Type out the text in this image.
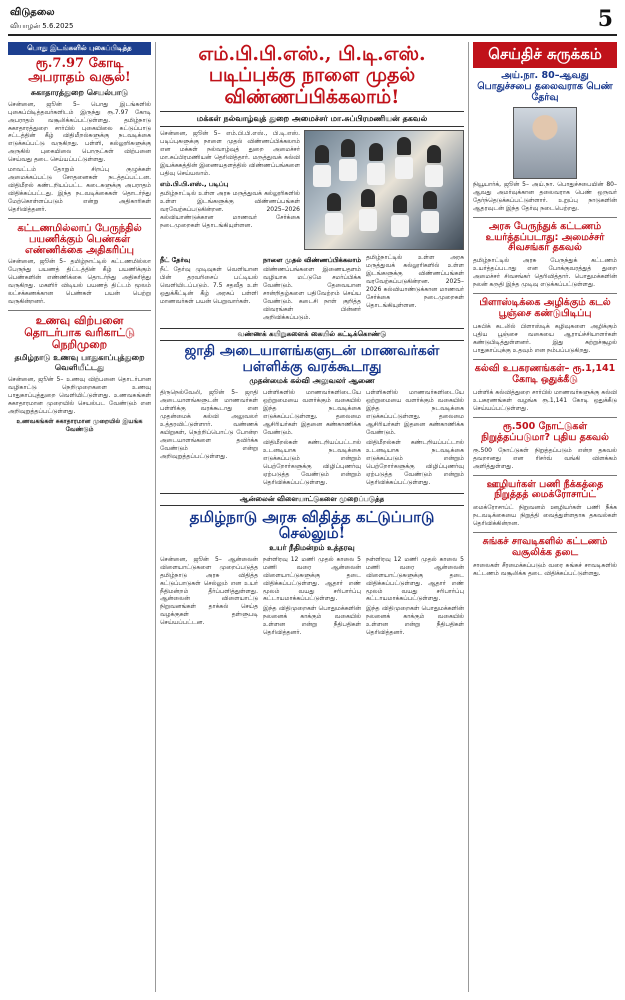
விடுதலை
வியாழன் 5.6.2025	5
பொது இடங்களில் புகைப்பிடித்த
ரூ.7.97 கோடி அபராதம் வசூல்!
சுகாதாரத்துறை செயல்பாடு

சென்னை, ஜூன் 5– பொது இடங்களில் புகைப்பிடித்தவர்களிடம் இருந்து ரூ.7.97 கோடி அபராதம் வசூலிக்கப்பட்டுள்ளது. தமிழ்நாடு சுகாதாரத்துறை சார்பில் புகையிலை கட்டுப்பாடு சட்டத்தின் கீழ் விதிமீறல்களுக்கு நடவடிக்கை எடுக்கப்பட்டு வருகிறது. பள்ளி, கல்லூரிகளுக்கு அருகில் புகையிலை பொருட்கள் விற்பனை செய்வது தடை செய்யப்பட்டுள்ளது.

மாவட்டம் தோறும் சிறப்பு குழுக்கள் அமைக்கப்பட்டு சோதனைகள் நடத்தப்பட்டன. விதிமீறல் கண்டறியப்பட்ட கடைகளுக்கு அபராதம் விதிக்கப்பட்டது. இந்த நடவடிக்கைகள் தொடர்ந்து மேற்கொள்ளப்படும் என்று அதிகாரிகள் தெரிவித்தனர்.

கட்டணமில்லாப் பேருந்தில் பயணிக்கும் பெண்கள் எண்ணிக்கை அதிகரிப்பு

சென்னை, ஜூன் 5– தமிழ்நாட்டில் கட்டணமில்லா பேருந்து பயணத் திட்டத்தின் கீழ் பயணிக்கும் பெண்களின் எண்ணிக்கை தொடர்ந்து அதிகரித்து வருகிறது. மகளிர் விடியல் பயணத் திட்டம் மூலம் லட்சக்கணக்கான பெண்கள் பயன் பெற்று வருகின்றனர்.

உணவு விற்பனை தொடர்பாக வரிகாட்டு நெறிமுறை
தமிழ்நாடு உணவு பாதுகாப்புத்துறை வெளியீட்டது

சென்னை, ஜூன் 5– உணவு விற்பனை தொடர்பான வழிகாட்டு நெறிமுறைகளை உணவு பாதுகாப்புத்துறை வெளியிட்டுள்ளது. உணவகங்கள் சுகாதாரமான முறையில் செயல்பட வேண்டும் என அறிவுறுத்தப்பட்டுள்ளது.

உணவகங்கள் சுகாதாரமான முறையில் இயங்க வேண்டும்

எம்.பி.பி.எஸ்., பி.டி.எஸ். படிப்புக்கு நாளை முதல் விண்ணப்பிக்கலாம்!
மக்கள் நல்வாழ்வுத் துறை அமைச்சர் மா.சுப்பிரமணியன் தகவல்

சென்னை, ஜூன் 5– எம்.பி.பி.எஸ்., பி.டி.எஸ். படிப்புகளுக்கு நாளை முதல் விண்ணப்பிக்கலாம் என மக்கள் நல்வாழ்வுத் துறை அமைச்சர் மா.சுப்பிரமணியன் தெரிவித்தார். மருத்துவக் கல்வி இயக்ககத்தின் இணையதளத்தில் விண்ணப்பங்களை பதிவு செய்யலாம்.

எம்.பி.பி.எஸ்., படிப்பு

தமிழ்நாட்டில் உள்ள அரசு மருத்துவக் கல்லூரிகளில் உள்ள இடங்களுக்கு விண்ணப்பங்கள் வரவேற்கப்படுகின்றன. 2025–2026 கல்வியாண்டுக்கான மாணவர் சேர்க்கை நடைமுறைகள் தொடங்கியுள்ளன.

நீட் தேர்வு

நீட் தேர்வு முடிவுகள் வெளியான பின் தரவரிசைப் பட்டியல் வெளியிடப்படும். 7.5 சதவீத உள் ஒதுக்கீட்டின் கீழ் அரசுப் பள்ளி மாணவர்கள் பயன் பெறுவார்கள்.

நாளை முதல் விண்ணப்பிக்கலாம்

விண்ணப்பங்களை இணையதளம் வழியாக மட்டுமே சமர்ப்பிக்க வேண்டும். தேவையான சான்றிதழ்களை பதிவேற்றம் செய்ய வேண்டும். கடைசி நாள் குறித்த விவரங்கள் பின்னர் அறிவிக்கப்படும்.

தமிழ்நாட்டில் உள்ள அரசு மருத்துவக் கல்லூரிகளில் உள்ள இடங்களுக்கு விண்ணப்பங்கள் வரவேற்கப்படுகின்றன. 2025–2026 கல்வியாண்டுக்கான மாணவர் சேர்க்கை நடைமுறைகள் தொடங்கியுள்ளன.

வண்ணக் கயிறுகளைக் கையில் கட்டிக்கொண்டு
ஜாதி அடையாளங்களுடன் மாணவர்கள் பள்ளிக்கு வரக்கூடாது
முதன்மைக் கல்வி அலுவலர் ஆணை

திருநெல்வேலி, ஜூன் 5– ஜாதி அடையாளங்களுடன் மாணவர்கள் பள்ளிக்கு வரக்கூடாது என முதன்மைக் கல்வி அலுவலர் உத்தரவிட்டுள்ளார். வண்ணக் கயிறுகள், நெற்றிப்பொட்டு போன்ற அடையாளங்களை தவிர்க்க வேண்டும் என்று அறிவுறுத்தப்பட்டுள்ளது.

பள்ளிகளில் மாணவர்களிடையே ஒற்றுமையை வளர்க்கும் வகையில் இந்த நடவடிக்கை எடுக்கப்பட்டுள்ளது. தலைமை ஆசிரியர்கள் இதனை கண்காணிக்க வேண்டும்.

விதிமீறல்கள் கண்டறியப்பட்டால் உடனடியாக நடவடிக்கை எடுக்கப்படும் என்றும் பெற்றோர்களுக்கு விழிப்புணர்வு ஏற்படுத்த வேண்டும் என்றும் தெரிவிக்கப்பட்டுள்ளது.

பள்ளிகளில் மாணவர்களிடையே ஒற்றுமையை வளர்க்கும் வகையில் இந்த நடவடிக்கை எடுக்கப்பட்டுள்ளது. தலைமை ஆசிரியர்கள் இதனை கண்காணிக்க வேண்டும்.

விதிமீறல்கள் கண்டறியப்பட்டால் உடனடியாக நடவடிக்கை எடுக்கப்படும் என்றும் பெற்றோர்களுக்கு விழிப்புணர்வு ஏற்படுத்த வேண்டும் என்றும் தெரிவிக்கப்பட்டுள்ளது.

ஆன்லைன் விளையாட்டுகளை முறைப்படுத்த
தமிழ்நாடு அரசு விதித்த கட்டுப்பாடு செல்லும்!
உயர் நீதிமன்றம் உத்தரவு

சென்னை, ஜூன் 5– ஆன்லைன் விளையாட்டுகளை முறைப்படுத்த தமிழ்நாடு அரசு விதித்த கட்டுப்பாடுகள் செல்லும் என உயர் நீதிமன்றம் தீர்ப்பளித்துள்ளது. ஆன்லைன் விளையாட்டு நிறுவனங்கள் தாக்கல் செய்த வழக்குகள் தள்ளுபடி செய்யப்பட்டன.

நள்ளிரவு 12 மணி முதல் காலை 5 மணி வரை ஆன்லைன் விளையாட்டுகளுக்கு தடை விதிக்கப்பட்டுள்ளது. ஆதார் எண் மூலம் வயது சரிபார்ப்பு கட்டாயமாக்கப்பட்டுள்ளது.

இந்த விதிமுறைகள் பொதுமக்களின் நலனைக் காக்கும் வகையில் உள்ளன என்று நீதிபதிகள் தெரிவித்தனர்.

நள்ளிரவு 12 மணி முதல் காலை 5 மணி வரை ஆன்லைன் விளையாட்டுகளுக்கு தடை விதிக்கப்பட்டுள்ளது. ஆதார் எண் மூலம் வயது சரிபார்ப்பு கட்டாயமாக்கப்பட்டுள்ளது.

இந்த விதிமுறைகள் பொதுமக்களின் நலனைக் காக்கும் வகையில் உள்ளன என்று நீதிபதிகள் தெரிவித்தனர்.

செய்திச் சுருக்கம்
அய்.நா. 80–ஆவது பொதுச்சபை தலைவராக பெண் தேர்வு
நியூயார்க், ஜூன் 5– அய்.நா. பொதுச்சபையின் 80–ஆவது அமர்வுக்கான தலைவராக பெண் ஒருவர் தேர்ந்தெடுக்கப்பட்டுள்ளார். உறுப்பு நாடுகளின் ஆதரவுடன் இந்த தேர்வு நடைபெற்றது.
அரசு பேருந்துக் கட்டணம் உயர்த்தப்படாது: அமைச்சர் சிவசங்கர் தகவல்
தமிழ்நாட்டில் அரசு பேருந்துக் கட்டணம் உயர்த்தப்படாது என போக்குவரத்துத் துறை அமைச்சர் சிவசங்கர் தெரிவித்தார். பொதுமக்களின் நலன் கருதி இந்த முடிவு எடுக்கப்பட்டுள்ளது.
பிளாஸ்டிக்கை அழிக்கும் கடல் பூஞ்சை கண்டுபிடிப்பு
பசுபிக் கடலில் பிளாஸ்டிக் கழிவுகளை அழிக்கும் புதிய பூஞ்சை வகையை ஆராய்ச்சியாளர்கள் கண்டுபிடித்துள்ளனர். இது சுற்றுச்சூழல் பாதுகாப்புக்கு உதவும் என நம்பப்படுகிறது.
கல்வி உபகரணங்கள்– ரூ.1,141 கோடி ஒதுக்கீடு
பள்ளிக் கல்வித்துறை சார்பில் மாணவர்களுக்கு கல்வி உபகரணங்கள் வழங்க ரூ.1,141 கோடி ஒதுக்கீடு செய்யப்பட்டுள்ளது.
ரூ.500 நோட்டுகள் நிறுத்தப்படுமா? புதிய தகவல்
ரூ.500 நோட்டுகள் நிறுத்தப்படும் என்ற தகவல் தவறானது என ரிசர்வ் வங்கி விளக்கம் அளித்துள்ளது.
ஊழியர்கள் பணி நீக்கத்தை நிறுத்தத் மைக்ரோசாப்ட்
மைக்ரோசாப்ட் நிறுவனம் ஊழியர்கள் பணி நீக்க நடவடிக்கையை நிறுத்தி வைத்துள்ளதாக தகவல்கள் தெரிவிக்கின்றன.
சுங்கச் சாவடிகளில் கட்டணம் வசூலிக்க தடை
சாலைகள் சீரமைக்கப்படும் வரை சுங்கச் சாவடிகளில் கட்டணம் வசூலிக்க தடை விதிக்கப்பட்டுள்ளது.
